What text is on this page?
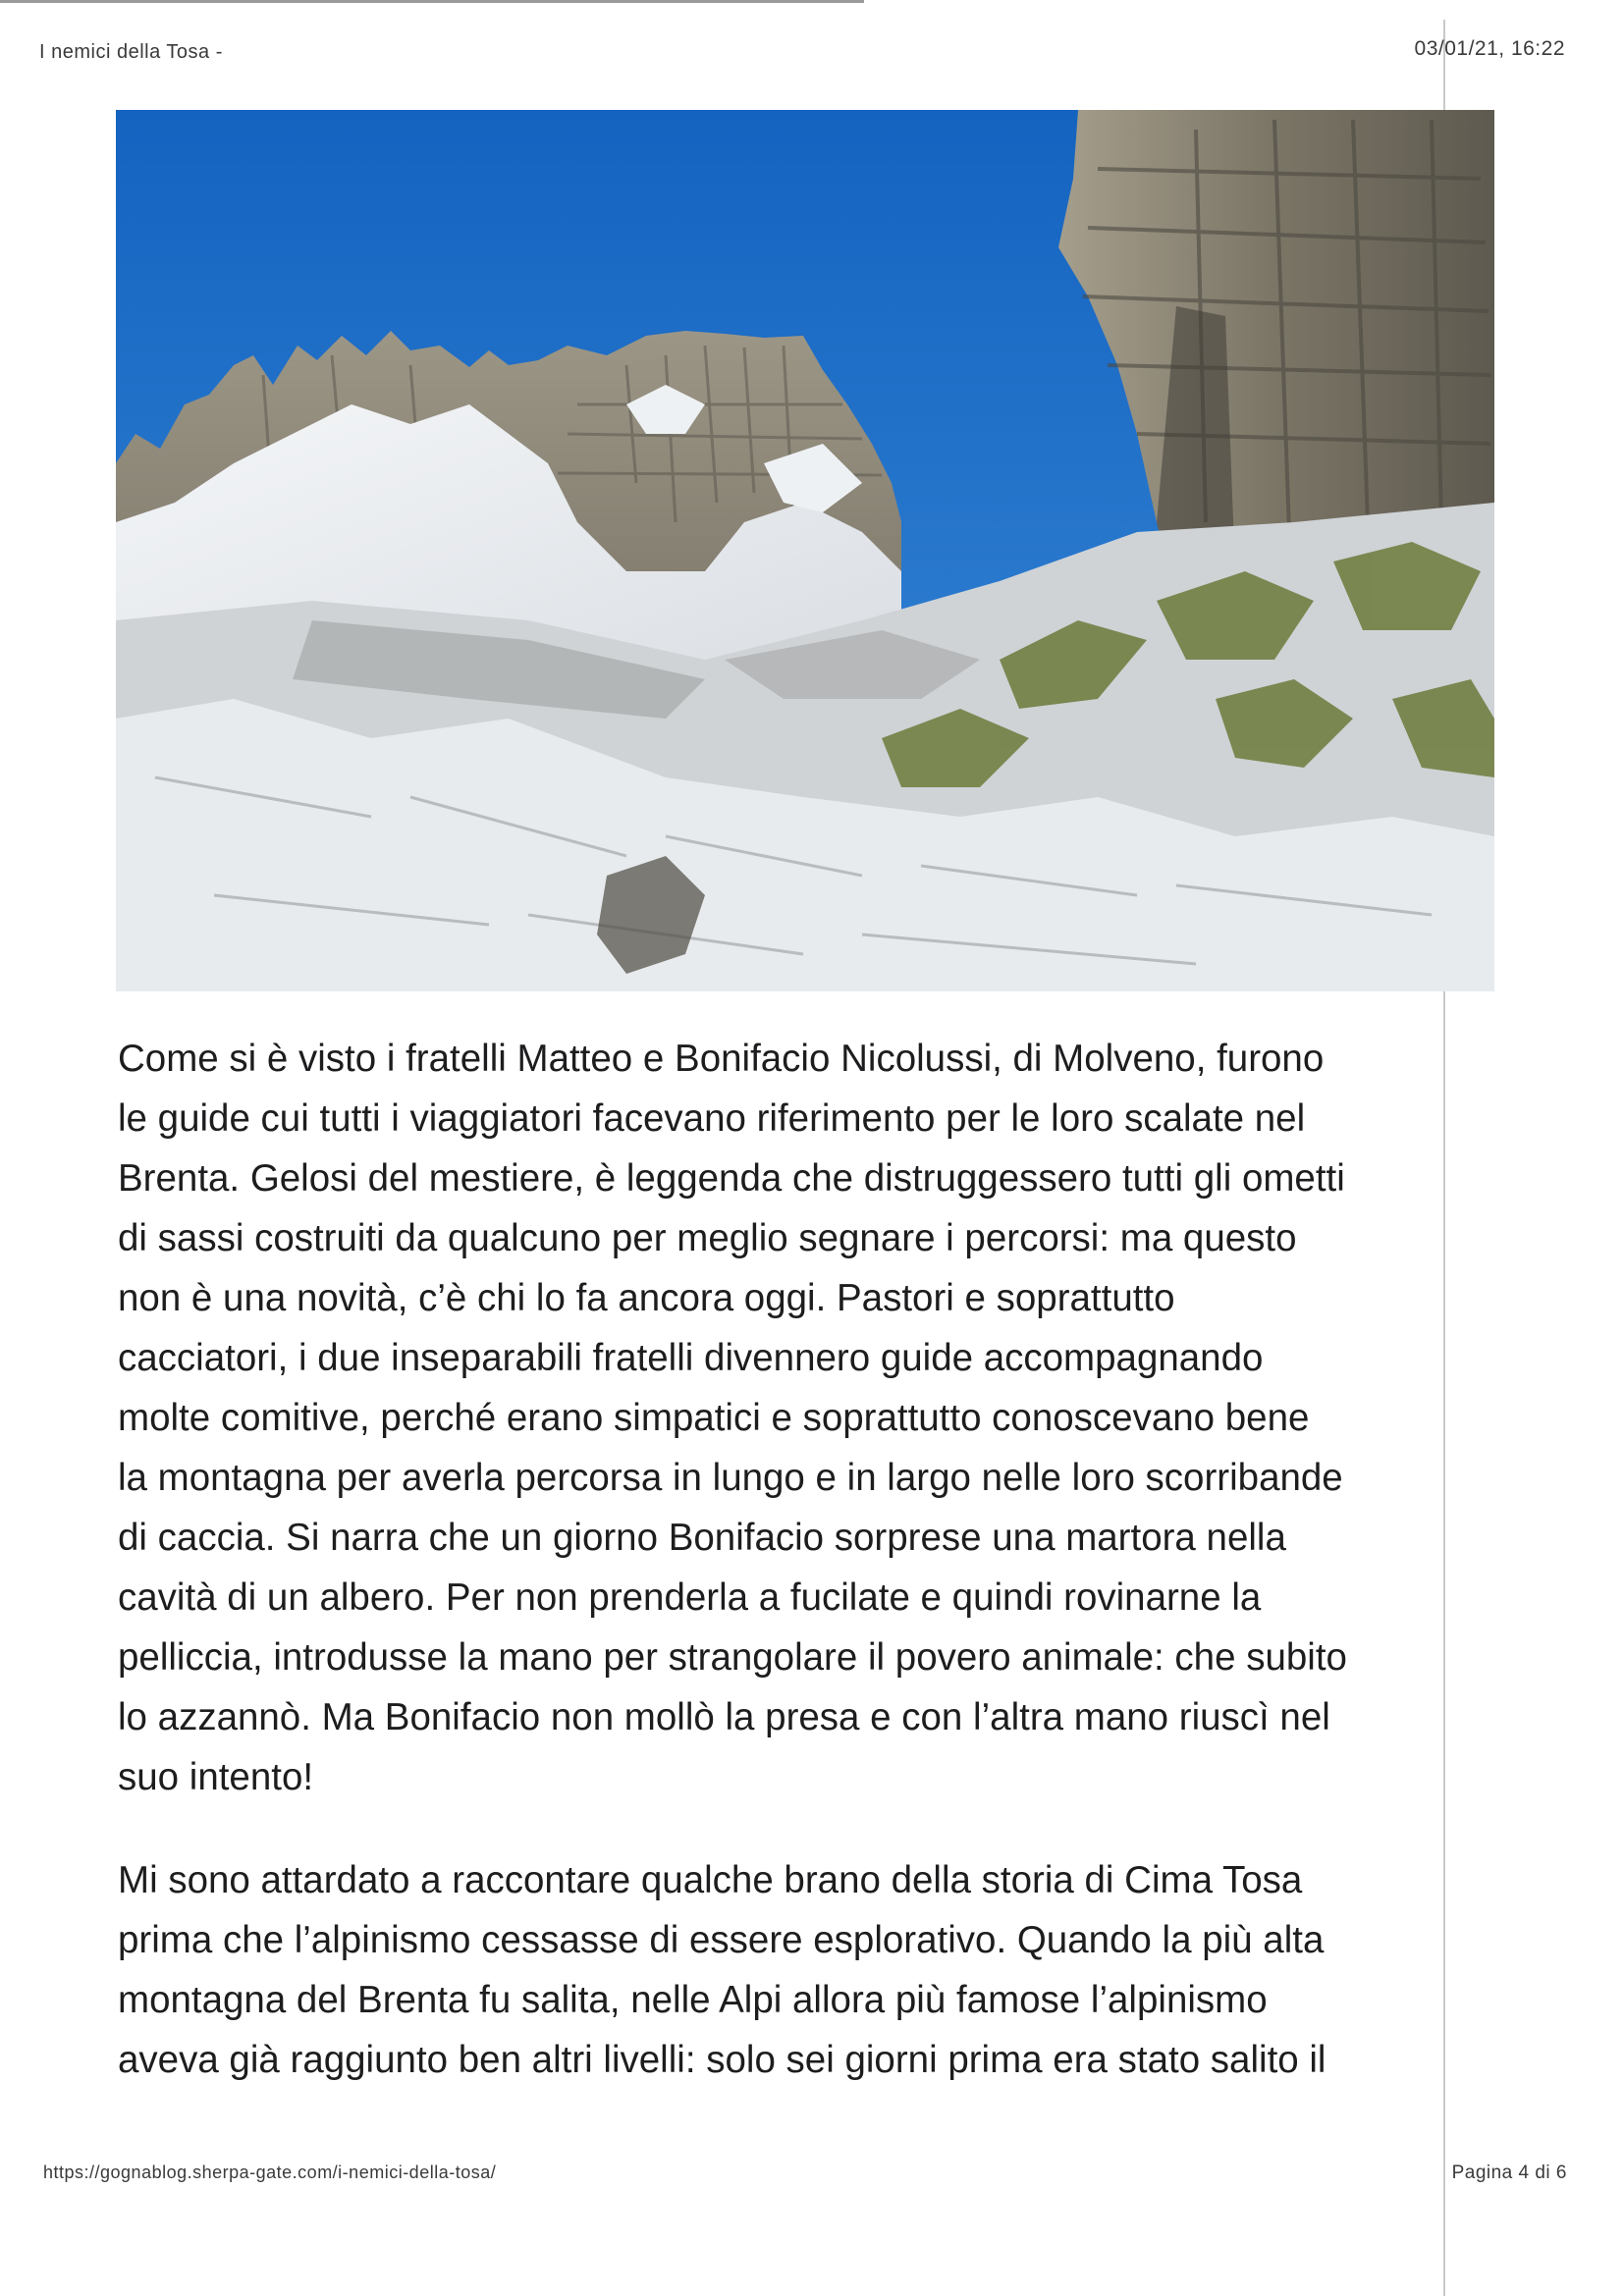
I nemici della Tosa -	03/01/21, 16:22

Come si è visto i fratelli Matteo e Bonifacio Nicolussi, di Molveno, furono
le guide cui tutti i viaggiatori facevano riferimento per le loro scalate nel
Brenta. Gelosi del mestiere, è leggenda che distruggessero tutti gli ometti
di sassi costruiti da qualcuno per meglio segnare i percorsi: ma questo
non è una novità, c’è chi lo fa ancora oggi. Pastori e soprattutto
cacciatori, i due inseparabili fratelli divennero guide accompagnando
molte comitive, perché erano simpatici e soprattutto conoscevano bene
la montagna per averla percorsa in lungo e in largo nelle loro scorribande
di caccia. Si narra che un giorno Bonifacio sorprese una martora nella
cavità di un albero. Per non prenderla a fucilate e quindi rovinarne la
pelliccia, introdusse la mano per strangolare il povero animale: che subito
lo azzannò. Ma Bonifacio non mollò la presa e con l’altra mano riuscì nel
suo intento!

Mi sono attardato a raccontare qualche brano della storia di Cima Tosa
prima che l’alpinismo cessasse di essere esplorativo. Quando la più alta
montagna del Brenta fu salita, nelle Alpi allora più famose l’alpinismo
aveva già raggiunto ben altri livelli: solo sei giorni prima era stato salito il

https://gognablog.sherpa-gate.com/i-nemici-della-tosa/	Pagina 4 di 6
